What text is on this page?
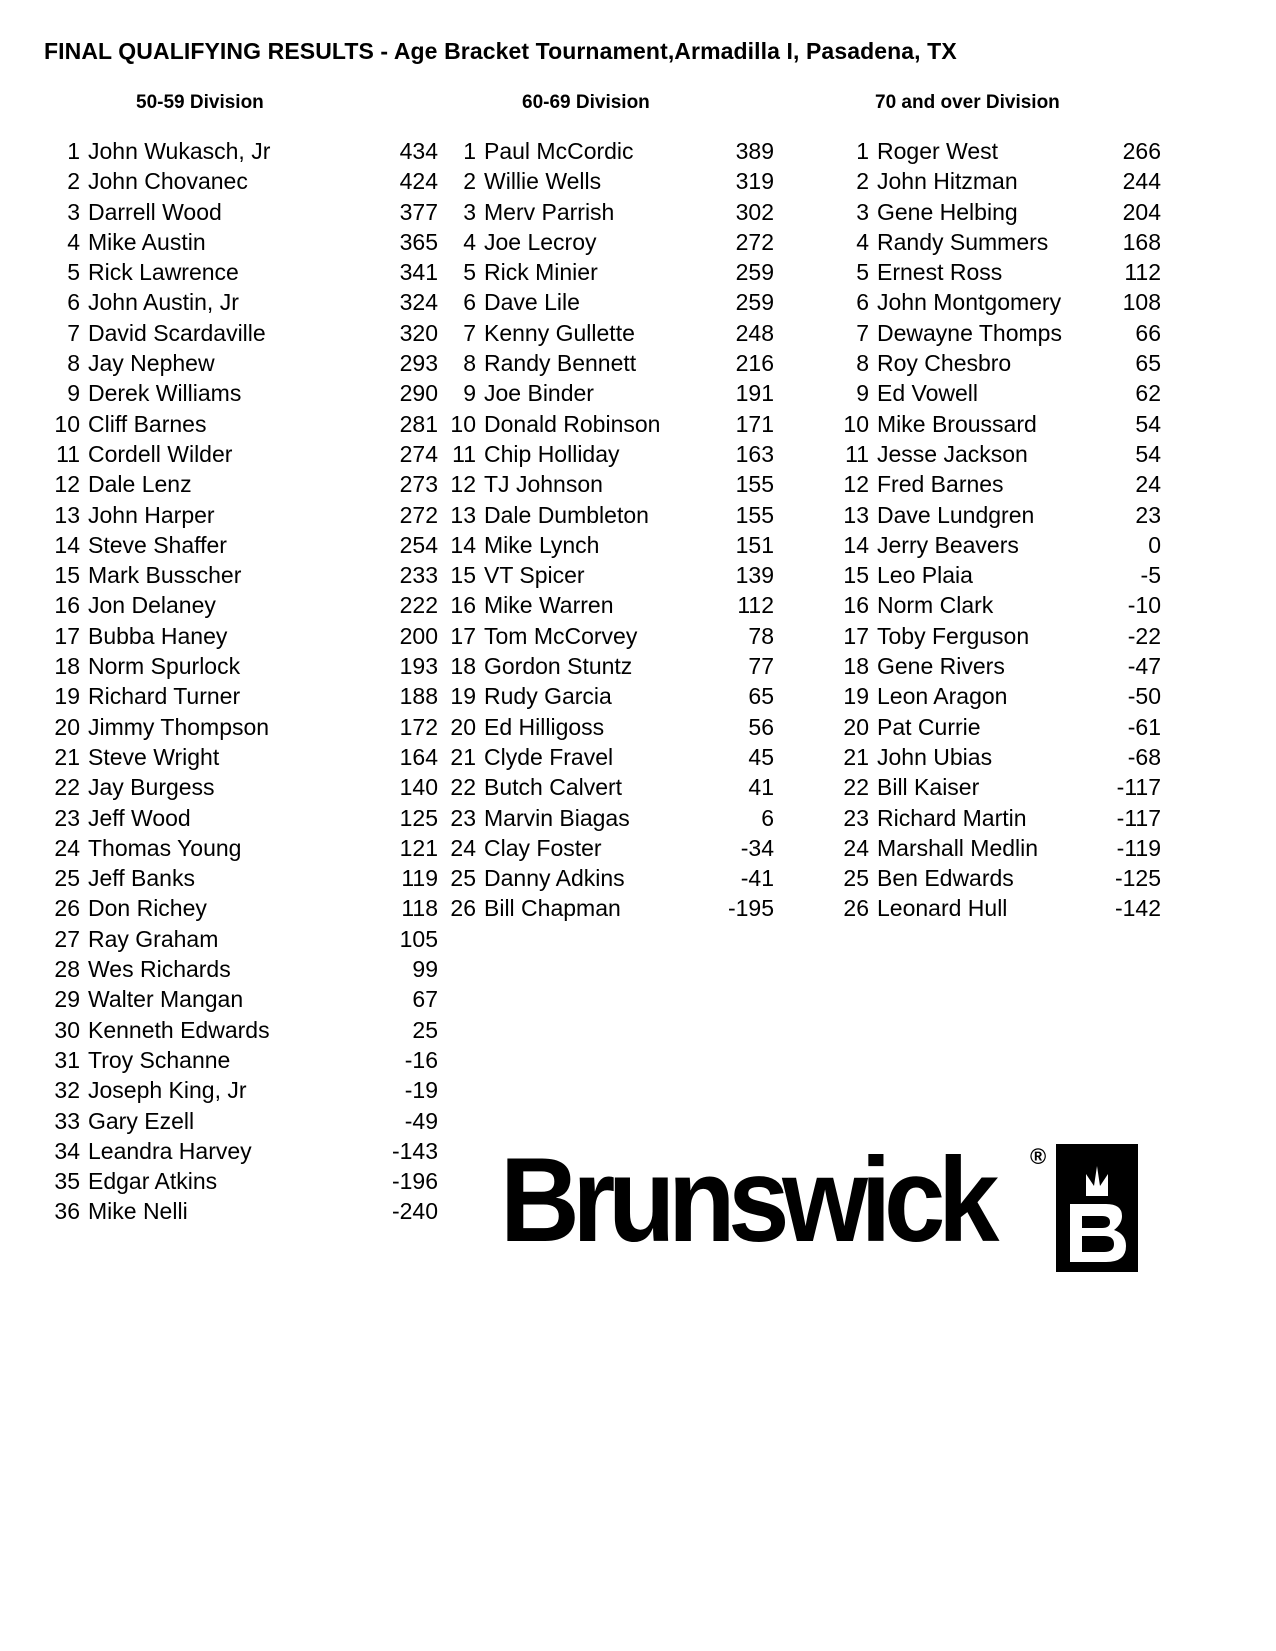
FINAL QUALIFYING RESULTS - Age Bracket Tournament,Armadilla I, Pasadena, TX
50-59 Division
1 John Wukasch, Jr	434
2 John Chovanec	424
3 Darrell Wood	377
4 Mike Austin	365
5 Rick Lawrence	341
6 John Austin, Jr	324
7 David Scardaville	320
8 Jay Nephew	293
9 Derek Williams	290
10 Cliff Barnes	281
11 Cordell Wilder	274
12 Dale Lenz	273
13 John Harper	272
14 Steve Shaffer	254
15 Mark Busscher	233
16 Jon Delaney	222
17 Bubba Haney	200
18 Norm Spurlock	193
19 Richard Turner	188
20 Jimmy Thompson	172
21 Steve Wright	164
22 Jay Burgess	140
23 Jeff Wood	125
24 Thomas Young	121
25 Jeff Banks	119
26 Don Richey	118
27 Ray Graham	105
28 Wes Richards	99
29 Walter Mangan	67
30 Kenneth Edwards	25
31 Troy Schanne	-16
32 Joseph King, Jr	-19
33 Gary Ezell	-49
34 Leandra Harvey	-143
35 Edgar Atkins	-196
36 Mike Nelli	-240
60-69 Division
1 Paul McCordic	389
2 Willie Wells	319
3 Merv Parrish	302
4 Joe Lecroy	272
5 Rick Minier	259
6 Dave Lile	259
7 Kenny Gullette	248
8 Randy Bennett	216
9 Joe Binder	191
10 Donald Robinson	171
11 Chip Holliday	163
12 TJ Johnson	155
13 Dale Dumbleton	155
14 Mike Lynch	151
15 VT Spicer	139
16 Mike Warren	112
17 Tom McCorvey	78
18 Gordon Stuntz	77
19 Rudy Garcia	65
20 Ed Hilligoss	56
21 Clyde Fravel	45
22 Butch Calvert	41
23 Marvin Biagas	6
24 Clay Foster	-34
25 Danny Adkins	-41
26 Bill Chapman	-195
70 and over Division
1 Roger West	266
2 John Hitzman	244
3 Gene Helbing	204
4 Randy Summers	168
5 Ernest Ross	112
6 John Montgomery	108
7 Dewayne Thomps	66
8 Roy Chesbro	65
9 Ed Vowell	62
10 Mike Broussard	54
11 Jesse Jackson	54
12 Fred Barnes	24
13 Dave Lundgren	23
14 Jerry Beavers	0
15 Leo Plaia	-5
16 Norm Clark	-10
17 Toby Ferguson	-22
18 Gene Rivers	-47
19 Leon Aragon	-50
20 Pat Currie	-61
21 John Ubias	-68
22 Bill Kaiser	-117
23 Richard Martin	-117
24 Marshall Medlin	-119
25 Ben Edwards	-125
26 Leonard Hull	-142
Brunswick ®
